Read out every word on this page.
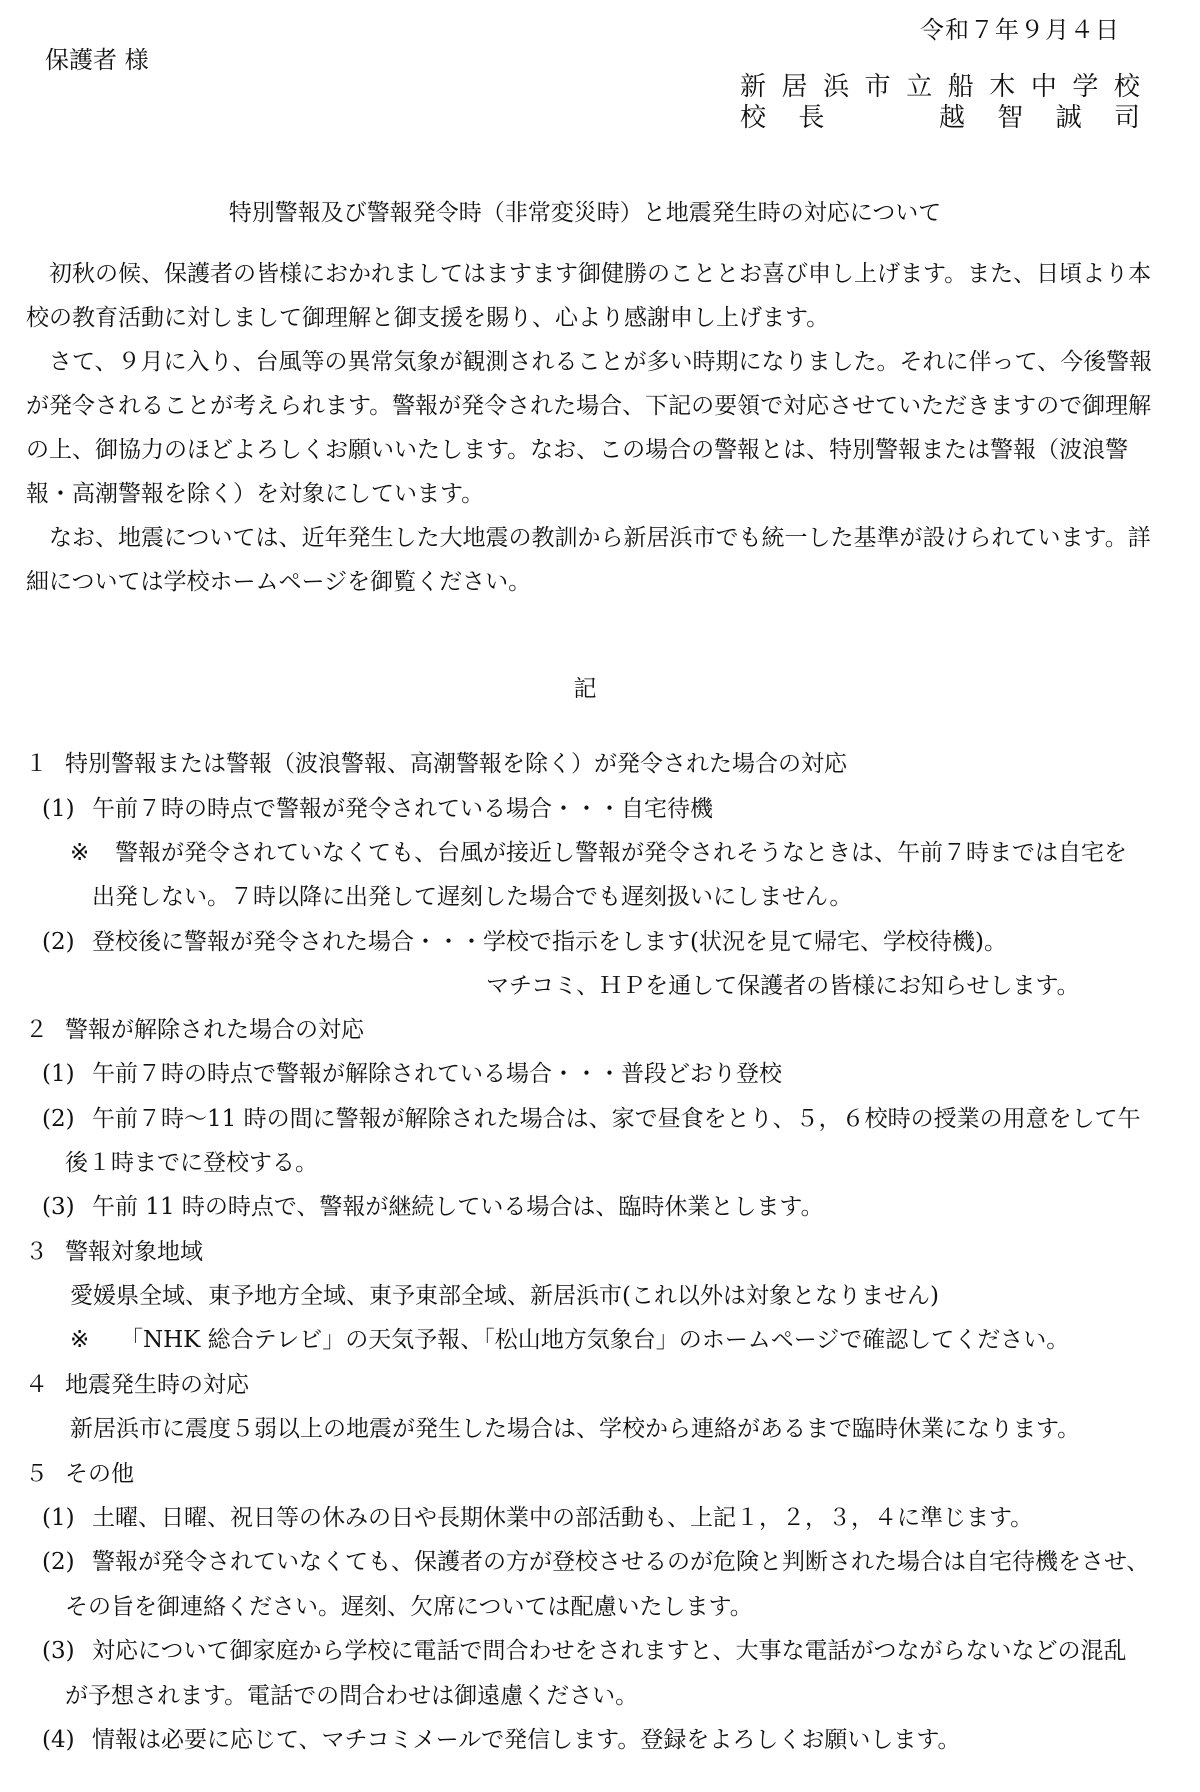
保護者 様
令和７年９月４日
新 居 浜 市 立 船 木 中 学 校
校 長	越 智 誠 司
特別警報及び警報発令時（非常変災時）と地震発生時の対応について

初秋の候、保護者の皆様におかれましてはますます御健勝のこととお喜び申し上げます。また、日頃より本校の教育活動に対しまして御理解と御支援を賜り、心より感謝申し上げます。

さて、９月に入り、台風等の異常気象が観測されることが多い時期になりました。それに伴って、今後警報が発令されることが考えられます。警報が発令された場合、下記の要領で対応させていただきますので御理解の上、御協力のほどよろしくお願いいたします。なお、この場合の警報とは、特別警報または警報（波浪警報・高潮警報を除く）を対象にしています。

なお、地震については、近年発生した大地震の教訓から新居浜市でも統一した基準が設けられています。詳細については学校ホームページを御覧ください。

記
１ 特別警報または警報（波浪警報、高潮警報を除く）が発令された場合の対応
(1) 午前７時の時点で警報が発令されている場合・・・自宅待機
※ 警報が発令されていなくても、台風が接近し警報が発令されそうなときは、午前７時までは自宅を
出発しない。７時以降に出発して遅刻した場合でも遅刻扱いにしません。
(2) 登校後に警報が発令された場合・・・学校で指示をします(状況を見て帰宅、学校待機)。
マチコミ、ＨＰを通して保護者の皆様にお知らせします。
２ 警報が解除された場合の対応
(1) 午前７時の時点で警報が解除されている場合・・・普段どおり登校
(2) 午前７時～11 時の間に警報が解除された場合は、家で昼食をとり、５，６校時の授業の用意をして午
後１時までに登校する。
(3) 午前 11 時の時点で、警報が継続している場合は、臨時休業とします。
３ 警報対象地域
愛媛県全域、東予地方全域、東予東部全域、新居浜市(これ以外は対象となりません)
※ 「NHK 総合テレビ」の天気予報、「松山地方気象台」のホームページで確認してください。
４ 地震発生時の対応
新居浜市に震度５弱以上の地震が発生した場合は、学校から連絡があるまで臨時休業になります。
５ その他
(1) 土曜、日曜、祝日等の休みの日や長期休業中の部活動も、上記１，２，３，４に準じます。
(2) 警報が発令されていなくても、保護者の方が登校させるのが危険と判断された場合は自宅待機をさせ、
その旨を御連絡ください。遅刻、欠席については配慮いたします。
(3) 対応について御家庭から学校に電話で問合わせをされますと、大事な電話がつながらないなどの混乱
が予想されます。電話での問合わせは御遠慮ください。
(4) 情報は必要に応じて、マチコミメールで発信します。登録をよろしくお願いします。
